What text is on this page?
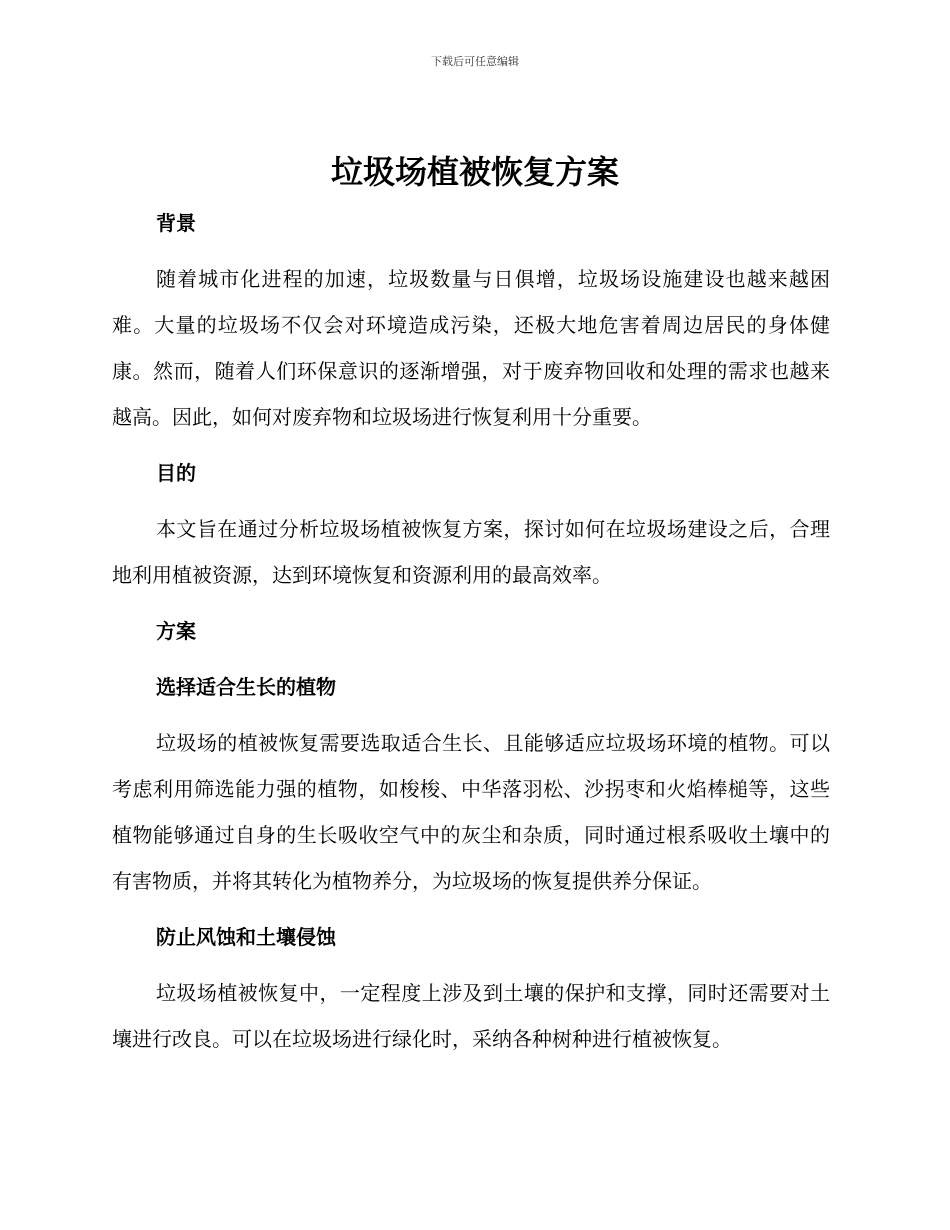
下载后可任意编辑
垃圾场植被恢复方案
背景

随着城市化进程的加速，垃圾数量与日俱增，垃圾场设施建设也越来越困难。大量的垃圾场不仅会对环境造成污染，还极大地危害着周边居民的身体健康。然而，随着人们环保意识的逐渐增强，对于废弃物回收和处理的需求也越来越高。因此，如何对废弃物和垃圾场进行恢复利用十分重要。

目的

本文旨在通过分析垃圾场植被恢复方案，探讨如何在垃圾场建设之后，合理地利用植被资源，达到环境恢复和资源利用的最高效率。

方案
选择适合生长的植物

垃圾场的植被恢复需要选取适合生长、且能够适应垃圾场环境的植物。可以考虑利用筛选能力强的植物，如梭梭、中华落羽松、沙拐枣和火焰棒槌等，这些植物能够通过自身的生长吸收空气中的灰尘和杂质，同时通过根系吸收土壤中的有害物质，并将其转化为植物养分，为垃圾场的恢复提供养分保证。

防止风蚀和土壤侵蚀

垃圾场植被恢复中，一定程度上涉及到土壤的保护和支撑，同时还需要对土壤进行改良。可以在垃圾场进行绿化时，采纳各种树种进行植被恢复。
